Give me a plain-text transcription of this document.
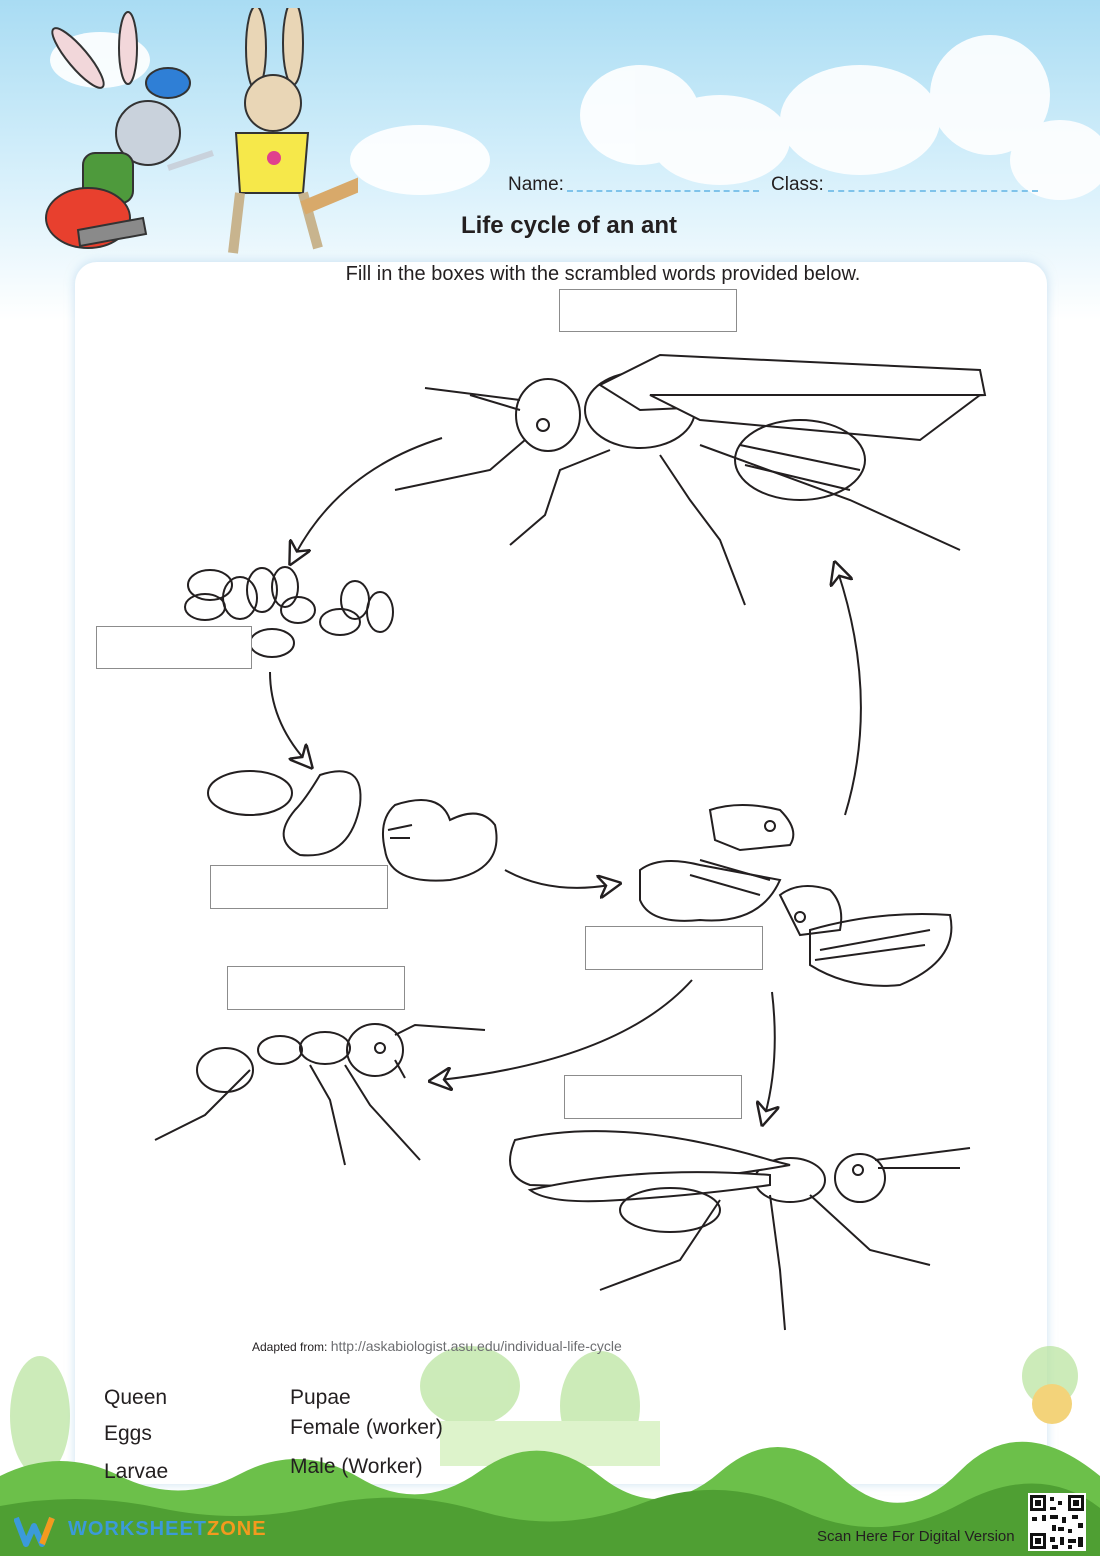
Name:	Class:
Life cycle of an ant
Fill in the boxes with the scrambled words provided below.
Adapted from: http://askabiologist.asu.edu/individual-life-cycle
Queen
Eggs
Larvae
Pupae
Female (worker)
Male (Worker)
WORKSHEETZONE	Scan Here For Digital Version
